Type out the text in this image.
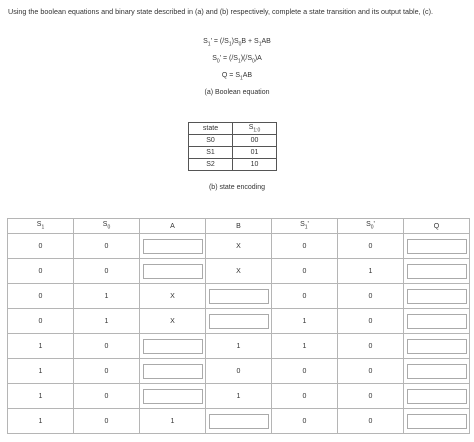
Using the boolean equations and binary state described in (a) and (b) respectively, complete a state transition and its output table, (c).
$S_1' = (/S_1)S_0B + S_1AB$
$S_0' = (/S_1)(/S_0)A$
$Q = S_1AB$
(a) Boolean equation
state	$S_{1:0}$
S0	00
S1	01
S2	10
(b) state encoding
$S_1$	$S_0$	A	B	$S_1'$	$S_0'$	Q
0	0		X	0	0	

0	0		X	0	1	

0	1	X		0	0	

0	1	X		1	0	

1	0		1	1	0	

1	0		0	0	0	

1	0		1	0	0	

1	0	1		0	0	
